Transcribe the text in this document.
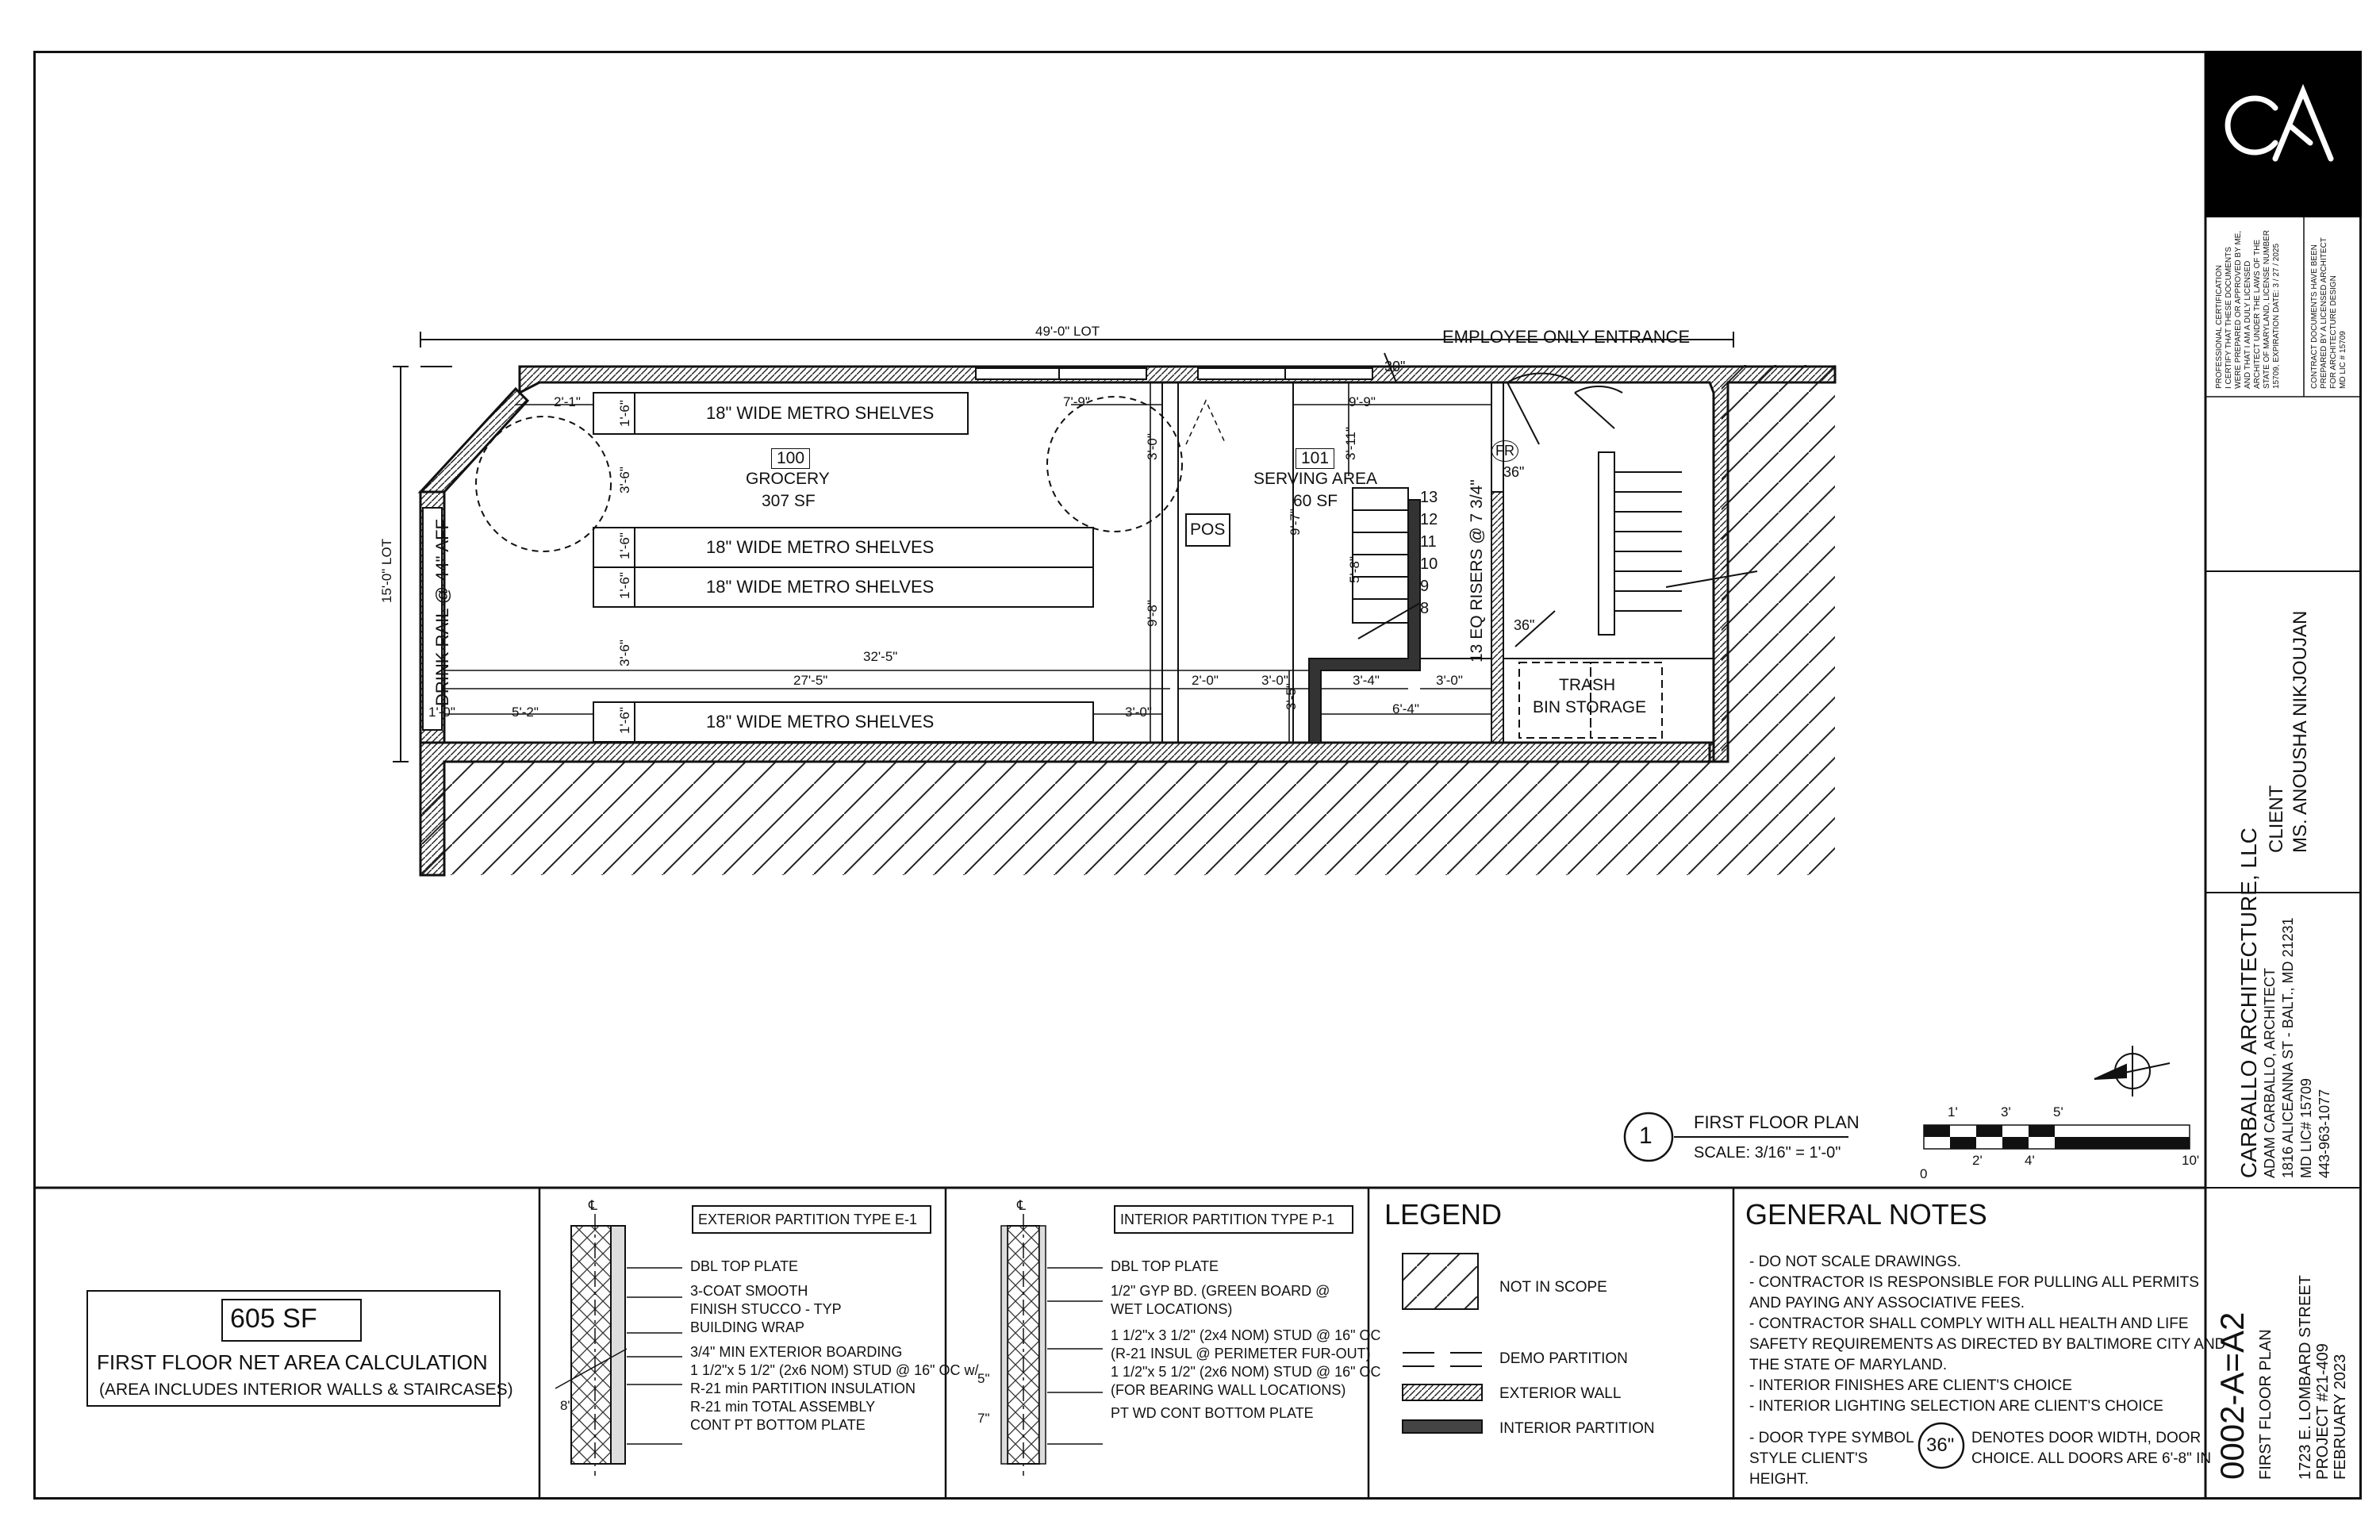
49'-0" LOT
15'-0" LOT
EMPLOYEE ONLY ENTRANCE
DRINK RAIL @ 44" AFF
18" WIDE METRO SHELVES
18" WIDE METRO SHELVES
18" WIDE METRO SHELVES
18" WIDE METRO SHELVES
100
GROCERY
307 SF
101
SERVING AREA
60 SF
POS	13 EQ RISERS @ 7 3/4"
FR
TRASH
BIN STORAGE
30"
36"
36"
13
12
11
10
9
8
2'-1"	1'-6"
3'-6"
1'-6"
1'-6"
3'-6"
1'-6"
1'-0"	5'-2"
27'-5"
32'-5"
3'-0"
7'-9"
3'-0"
9'-8"
9'-9"
3'-11"
9'-7"
5'-8"
2'-0"	3'-0"
3'-5"
3'-4"	3'-0"
6'-4"
1
FIRST FLOOR PLAN
SCALE: 3/16" = 1'-0"
1'	3'	5'
0
2'	4'	10'
605 SF
FIRST FLOOR NET AREA CALCULATION
(AREA INCLUDES INTERIOR WALLS & STAIRCASES)
℄
EXTERIOR PARTITION TYPE E-1
DBL TOP PLATE
3-COAT SMOOTH
FINISH STUCCO - TYP
BUILDING WRAP
3/4" MIN EXTERIOR BOARDING
1 1/2"x 5 1/2" (2x6 NOM) STUD @ 16" OC w/
R-21 min PARTITION INSULATION
R-21 min TOTAL ASSEMBLY
CONT PT BOTTOM PLATE
8"
℄
INTERIOR PARTITION TYPE P-1
DBL TOP PLATE
1/2" GYP BD. (GREEN BOARD @
WET LOCATIONS)
1 1/2"x 3 1/2" (2x4 NOM) STUD @ 16" OC
(R-21 INSUL @ PERIMETER FUR-OUT)
1 1/2"x 5 1/2" (2x6 NOM) STUD @ 16" OC
(FOR BEARING WALL LOCATIONS)
PT WD CONT BOTTOM PLATE
5"
7"
LEGEND
NOT IN SCOPE
DEMO PARTITION
EXTERIOR WALL
INTERIOR PARTITION
GENERAL NOTES
- DO NOT SCALE DRAWINGS.
- CONTRACTOR IS RESPONSIBLE FOR PULLING ALL PERMITS
AND PAYING ANY ASSOCIATIVE FEES.
- CONTRACTOR SHALL COMPLY WITH ALL HEALTH AND LIFE
SAFETY REQUIREMENTS AS DIRECTED BY BALTIMORE CITY AND
THE STATE OF MARYLAND.
- INTERIOR FINISHES ARE CLIENT'S CHOICE
- INTERIOR LIGHTING SELECTION ARE CLIENT'S CHOICE
- DOOR TYPE SYMBOL
STYLE CLIENT'S
HEIGHT.
36" DENOTES DOOR WIDTH, DOOR
CHOICE. ALL DOORS ARE 6'-8" IN
PROFESSIONAL CERTIFICATION I CERTIFY THAT THESE DOCUMENTS WERE PREPARED OR APPROVED BY ME, AND THAT I AM A DULY LICENSED ARCHITECT UNDER THE LAWS OF THE STATE OF MARYLAND, LICENSE NUMBER 15709, EXPIRATION DATE: 3 / 27 / 2025	CONTRACT DOCUMENTS HAVE BEEN PREPARED BY A LICENSED ARCHITECT FOR ARCHITECTURE DESIGN MD LIC # 15709
CLIENT MS. ANOUSHA NIKJOUJAN
CARBALLO ARCHITECTURE, LLC ADAM CARBALLO, ARCHITECT 1816 ALICEANNA ST - BALT., MD 21231 MD LIC# 15709 443-963-1077
0002-A=A2 FIRST FLOOR PLAN 1723 E. LOMBARD STREET PROJECT #21-409 FEBRUARY 2023
